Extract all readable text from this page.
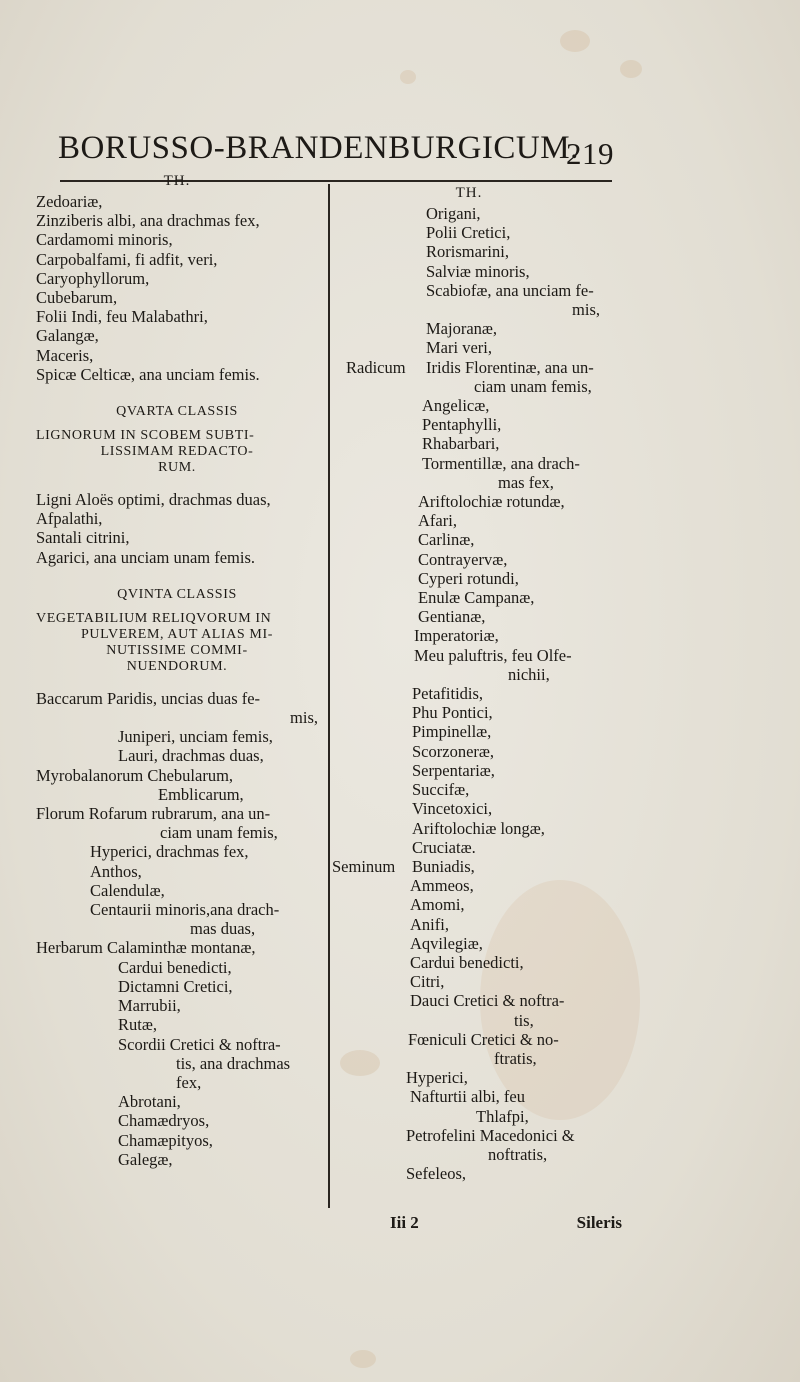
BORUSSO-BRANDENBURGICUM.
219
TH.
Zedoariæ,
Zinziberis albi, ana drachmas fex,
Cardamomi minoris,
Carpobalfami, fi adfit, veri,
Caryophyllorum,
Cubebarum,
Folii Indi, feu Malabathri,
Galangæ,
Maceris,
Spicæ Celticæ, ana unciam femis.
QVARTA CLASSIS
LIGNORUM IN SCOBEM SUBTI-
LISSIMAM REDACTO-
RUM.
Ligni Aloës optimi, drachmas duas,
Afpalathi,
Santali citrini,
Agarici, ana unciam unam femis.
QVINTA CLASSIS
VEGETABILIUM RELIQVORUM IN
PULVEREM, AUT ALIAS MI-
NUTISSIME COMMI-
NUENDORUM.
Baccarum Paridis, uncias duas fe-
mis,
Juniperi, unciam femis,
Lauri, drachmas duas,
Myrobalanorum Chebularum,
Emblicarum,
Florum Rofarum rubrarum, ana un-
ciam unam femis,
Hyperici, drachmas fex,
Anthos,
Calendulæ,
Centaurii minoris,ana drach-
mas duas,
Herbarum Calaminthæ montanæ,
Cardui benedicti,
Dictamni Cretici,
Marrubii,
Rutæ,
Scordii Cretici & noftra-
tis, ana drachmas
fex,
Abrotani,
Chamædryos,
Chamæpityos,
Galegæ,
TH.
Origani,
Polii Cretici,
Rorismarini,
Salviæ minoris,
Scabiofæ, ana unciam fe-
mis,
Majoranæ,
Mari veri,
Radicum Iridis Florentinæ, ana un-
ciam unam femis,
Angelicæ,
Pentaphylli,
Rhabarbari,
Tormentillæ, ana drach-
mas fex,
Ariftolochiæ rotundæ,
Afari,
Carlinæ,
Contrayervæ,
Cyperi rotundi,
Enulæ Campanæ,
Gentianæ,
Imperatoriæ,
Meu paluftris, feu Olfe-
nichii,
Petafitidis,
Phu Pontici,
Pimpinellæ,
Scorzoneræ,
Serpentariæ,
Succifæ,
Vincetoxici,
Ariftolochiæ longæ,
Cruciatæ.
Seminum Buniadis,
Ammeos,
Amomi,
Anifi,
Aqvilegiæ,
Cardui benedicti,
Citri,
Dauci Cretici & noftra-
tis,
Fœniculi Cretici & no-
ftratis,
Hyperici,
Nafturtii albi, feu
Thlafpi,
Petrofelini Macedonici &
noftratis,
Sefeleos,
Iii 2	Sileris
